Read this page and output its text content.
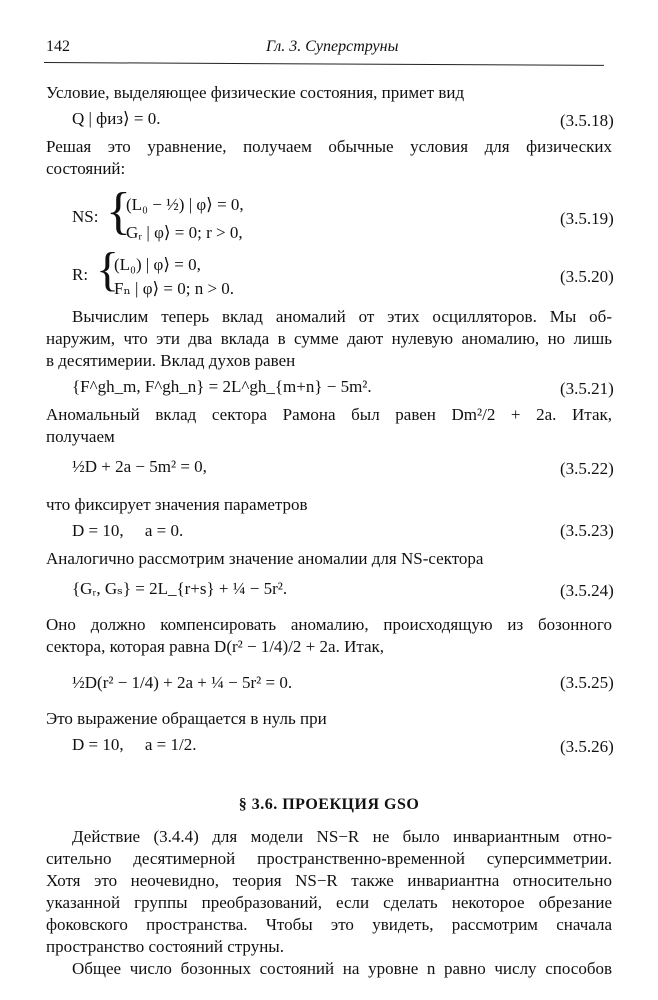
142	Гл. 3. Суперструны
Условие, выделяющее физические состояния, примет вид
Q | физ⟩ = 0.	(3.5.18)
Решая это уравнение, получаем обычные условия для физических
состояний:
NS: {
(L₀ − ½) | φ⟩ = 0,
Gᵣ | φ⟩ = 0; r > 0,
(3.5.19)
R: {
(L₀) | φ⟩ = 0,
Fₙ | φ⟩ = 0; n > 0.
(3.5.20)
Вычислим теперь вклад аномалий от этих осцилляторов. Мы об-
наружим, что эти два вклада в сумме дают нулевую аномалию, но лишь
в десятимерии. Вклад духов равен
{F^gh_m, F^gh_n} = 2L^gh_{m+n} − 5m².	(3.5.21)
Аномальный вклад сектора Рамона был равен Dm²/2 + 2a. Итак,
получаем
½D + 2a − 5m² = 0,	(3.5.22)
что фиксирует значения параметров
D = 10,     a = 0.	(3.5.23)
Аналогично рассмотрим значение аномалии для NS-сектора
{Gᵣ, Gₛ} = 2L_{r+s} + ¼ − 5r².	(3.5.24)
Оно должно компенсировать аномалию, происходящую из бозонного
сектора, которая равна D(r² − 1/4)/2 + 2a. Итак,
½D(r² − 1/4) + 2a + ¼ − 5r² = 0.	(3.5.25)
Это выражение обращается в нуль при
D = 10,     a = 1/2.	(3.5.26)
§ 3.6. ПРОЕКЦИЯ GSO
Действие (3.4.4) для модели NS−R не было инвариантным отно-
сительно десятимерной пространственно-временной суперсимметрии.
Хотя это неочевидно, теория NS−R также инвариантна относительно
указанной группы преобразований, если сделать некоторое обрезание
фоковского пространства. Чтобы это увидеть, рассмотрим сначала
пространство состояний струны.
Общее число бозонных состояний на уровне n равно числу способов
